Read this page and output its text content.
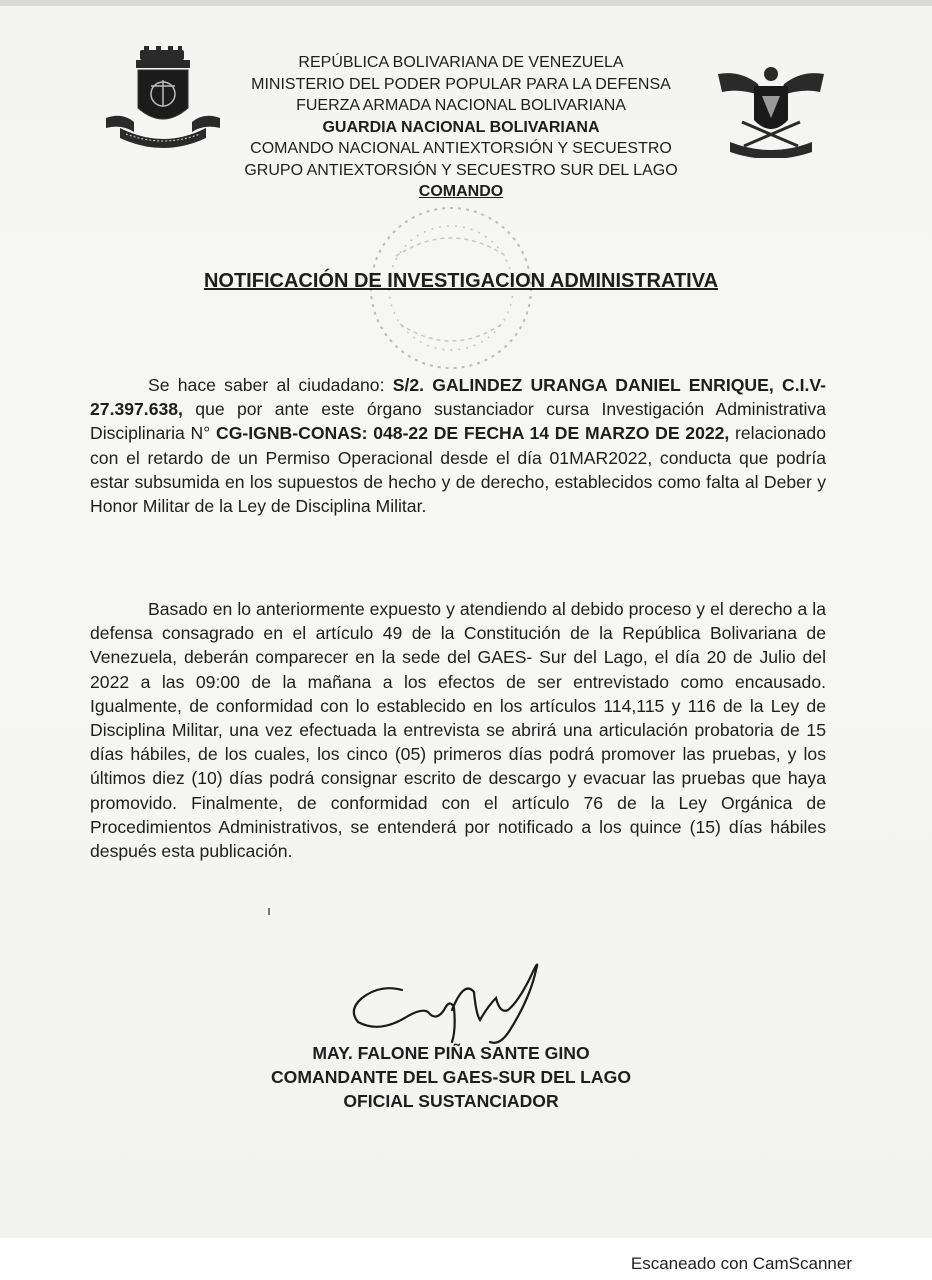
REPÚBLICA BOLIVARIANA DE VENEZUELA
MINISTERIO DEL PODER POPULAR PARA LA DEFENSA
FUERZA ARMADA NACIONAL BOLIVARIANA
GUARDIA NACIONAL BOLIVARIANA
COMANDO NACIONAL ANTIEXTORSIÓN Y SECUESTRO
GRUPO ANTIEXTORSIÓN Y SECUESTRO SUR DEL LAGO
COMANDO
NOTIFICACIÓN DE INVESTIGACION ADMINISTRATIVA
Se hace saber al ciudadano: S/2. GALINDEZ URANGA DANIEL ENRIQUE, C.I.V-27.397.638, que por ante este órgano sustanciador cursa Investigación Administrativa Disciplinaria N° CG-IGNB-CONAS: 048-22 DE FECHA 14 DE MARZO DE 2022, relacionado con el retardo de un Permiso Operacional desde el día 01MAR2022, conducta que podría estar subsumida en los supuestos de hecho y de derecho, establecidos como falta al Deber y Honor Militar de la Ley de Disciplina Militar.
Basado en lo anteriormente expuesto y atendiendo al debido proceso y el derecho a la defensa consagrado en el artículo 49 de la Constitución de la República Bolivariana de Venezuela, deberán comparecer en la sede del GAES- Sur del Lago, el día 20 de Julio del 2022 a las 09:00 de la mañana a los efectos de ser entrevistado como encausado. Igualmente, de conformidad con lo establecido en los artículos 114,115 y 116 de la Ley de Disciplina Militar, una vez efectuada la entrevista se abrirá una articulación probatoria de 15 días hábiles, de los cuales, los cinco (05) primeros días podrá promover las pruebas, y los últimos diez (10) días podrá consignar escrito de descargo y evacuar las pruebas que haya promovido. Finalmente, de conformidad con el artículo 76 de la Ley Orgánica de Procedimientos Administrativos, se entenderá por notificado a los quince (15) días hábiles después esta publicación.
MAY. FALONE PIÑA SANTE GINO
COMANDANTE DEL GAES-SUR DEL LAGO
OFICIAL SUSTANCIADOR
Escaneado con CamScanner
